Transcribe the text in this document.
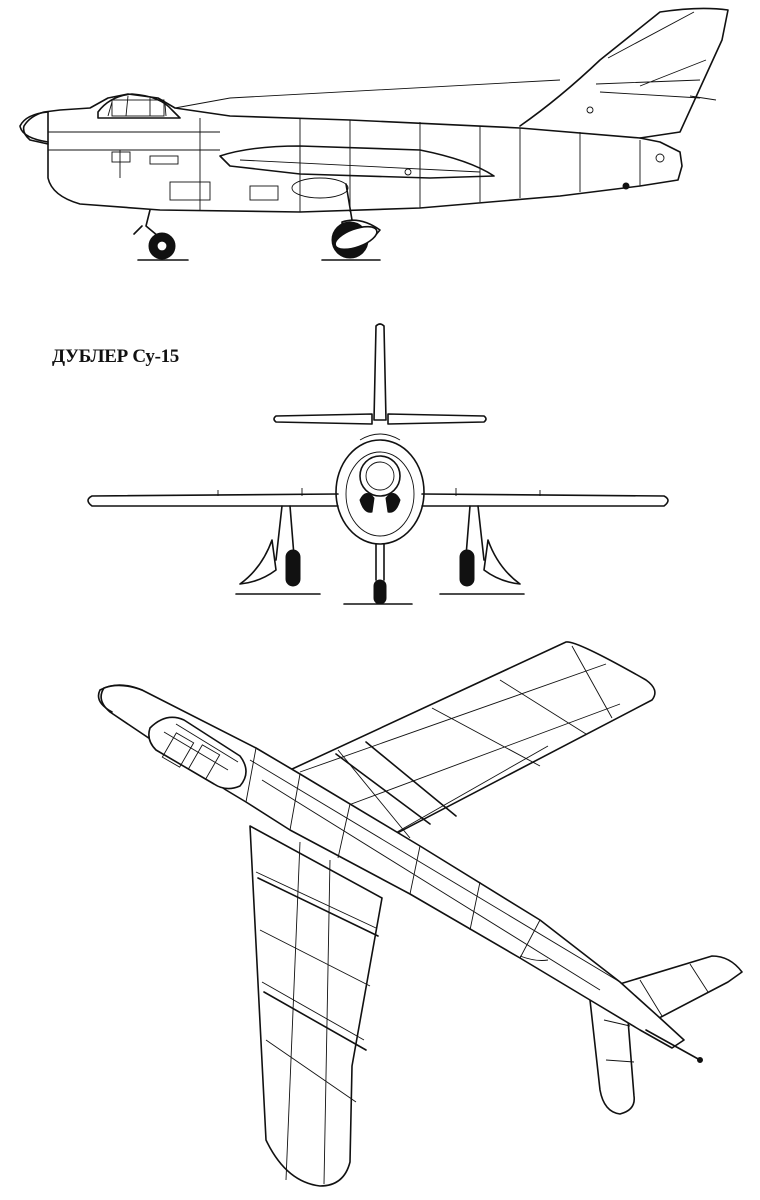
ДУБЛЕР Су-15
